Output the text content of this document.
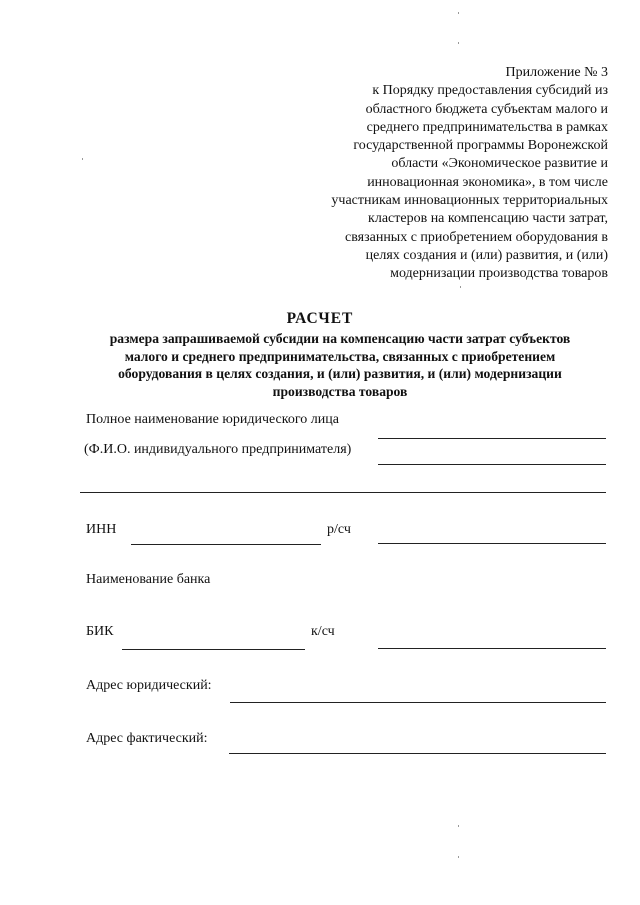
Приложение № 3
к Порядку предоставления субсидий из
областного бюджета субъектам малого и
среднего предпринимательства в рамках
государственной программы Воронежской
области «Экономическое развитие и
инновационная экономика», в том числе
участникам инновационных территориальных
кластеров на компенсацию части затрат,
связанных с приобретением оборудования в
целях создания и (или) развития, и (или)
модернизации производства товаров
РАСЧЕТ
размера запрашиваемой субсидии на компенсацию части затрат субъектов
малого и среднего предпринимательства, связанных с приобретением
оборудования в целях создания, и (или) развития, и (или) модернизации
производства товаров
Полное наименование юридического лица
(Ф.И.О. индивидуального предпринимателя)
ИНН	р/сч
Наименование банка
БИК	к/сч
Адрес юридический:
Адрес фактический:
